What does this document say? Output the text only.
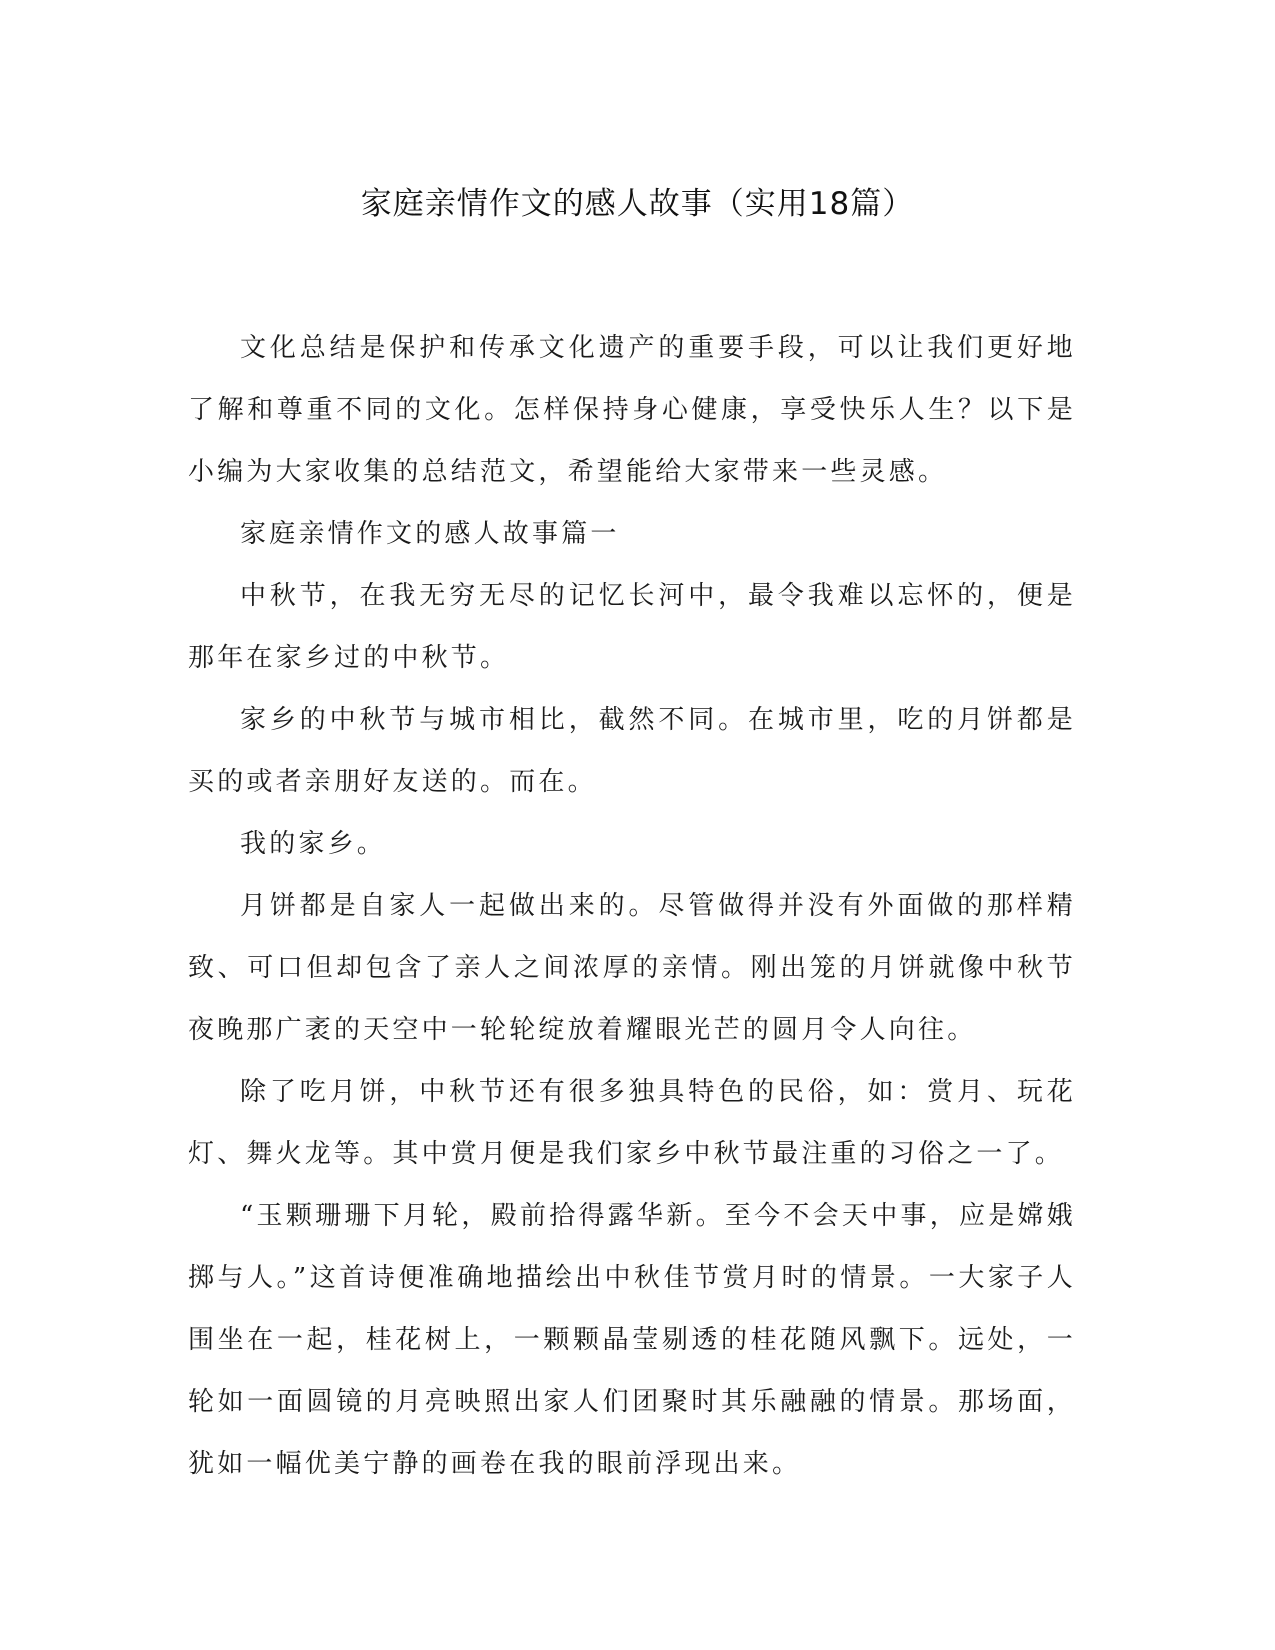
家庭亲情作文的感人故事（实用18篇）

文化总结是保护和传承文化遗产的重要手段，可以让我们更好地了解和尊重不同的文化。怎样保持身心健康，享受快乐人生？以下是小编为大家收集的总结范文，希望能给大家带来一些灵感。

家庭亲情作文的感人故事篇一

中秋节，在我无穷无尽的记忆长河中，最令我难以忘怀的，便是那年在家乡过的中秋节。

家乡的中秋节与城市相比，截然不同。在城市里，吃的月饼都是买的或者亲朋好友送的。而在。

我的家乡。

月饼都是自家人一起做出来的。尽管做得并没有外面做的那样精致、可口但却包含了亲人之间浓厚的亲情。刚出笼的月饼就像中秋节夜晚那广袤的天空中一轮轮绽放着耀眼光芒的圆月令人向往。

除了吃月饼，中秋节还有很多独具特色的民俗，如：赏月、玩花灯、舞火龙等。其中赏月便是我们家乡中秋节最注重的习俗之一了。

“玉颗珊珊下月轮，殿前拾得露华新。至今不会天中事，应是嫦娥掷与人。”这首诗便准确地描绘出中秋佳节赏月时的情景。一大家子人围坐在一起，桂花树上，一颗颗晶莹剔透的桂花随风飘下。远处，一轮如一面圆镜的月亮映照出家人们团聚时其乐融融的情景。那场面，犹如一幅优美宁静的画卷在我的眼前浮现出来。
